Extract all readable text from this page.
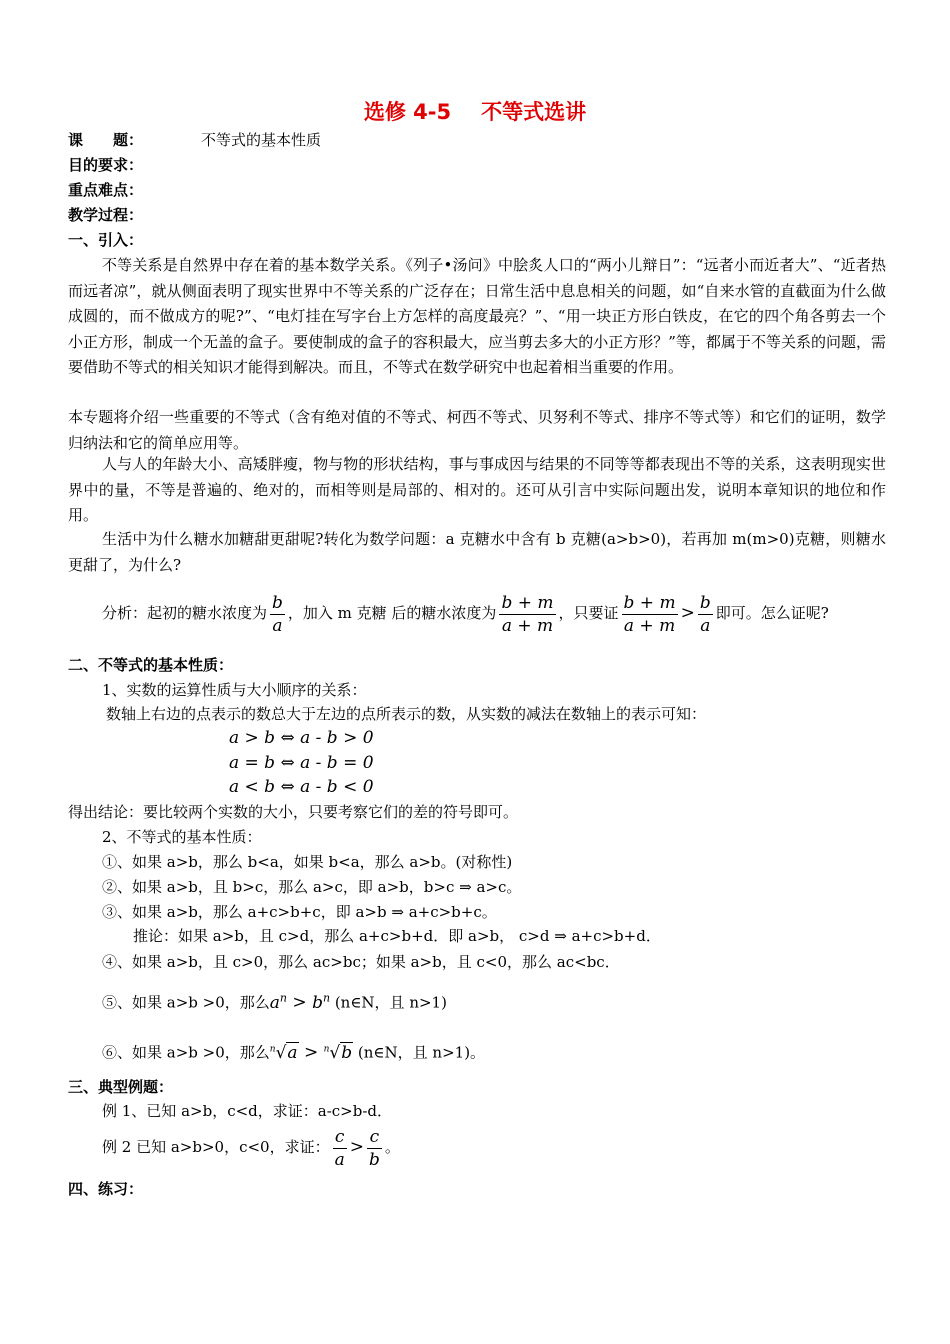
选修 4-5 不等式选讲
课　　题：	不等式的基本性质
目的要求：
重点难点：
教学过程：
一、引入：
不等关系是自然界中存在着的基本数学关系。《列子•汤问》中脍炙人口的“两小儿辩日”：“远者小而近者大”、“近者热而远者凉”，就从侧面表明了现实世界中不等关系的广泛存在；日常生活中息息相关的问题，如“自来水管的直截面为什么做成圆的，而不做成方的呢?”、“电灯挂在写字台上方怎样的高度最亮？”、“用一块正方形白铁皮，在它的四个角各剪去一个小正方形，制成一个无盖的盒子。要使制成的盒子的容积最大，应当剪去多大的小正方形？”等，都属于不等关系的问题，需要借助不等式的相关知识才能得到解决。而且，不等式在数学研究中也起着相当重要的作用。
本专题将介绍一些重要的不等式（含有绝对值的不等式、柯西不等式、贝努利不等式、排序不等式等）和它们的证明，数学归纳法和它的简单应用等。
人与人的年龄大小、高矮胖瘦，物与物的形状结构，事与事成因与结果的不同等等都表现出不等的关系，这表明现实世界中的量，不等是普遍的、绝对的，而相等则是局部的、相对的。还可从引言中实际问题出发，说明本章知识的地位和作用。
生活中为什么糖水加糖甜更甜呢?转化为数学问题：a 克糖水中含有 b 克糖(a>b>0)，若再加 m(m>0)克糖，则糖水更甜了，为什么?
分析：起初的糖水浓度为 $\frac{b}{a}$ ，加入 m 克糖 后的糖水浓度为 $\frac{b + m}{a + m}$ ，只要证 $\frac{b + m}{a + m} > \frac{b}{a}$ 即可。怎么证呢?
二、不等式的基本性质：
1、实数的运算性质与大小顺序的关系：
数轴上右边的点表示的数总大于左边的点所表示的数，从实数的减法在数轴上的表示可知：
a > b ⇔ a - b > 0
a = b ⇔ a - b = 0
a < b ⇔ a - b < 0
得出结论：要比较两个实数的大小，只要考察它们的差的符号即可。
2、不等式的基本性质：
①、如果 a>b，那么 b<a，如果 b<a，那么 a>b。(对称性)
②、如果 a>b，且 b>c，那么 a>c，即 a>b，b>c ⇒ a>c。
③、如果 a>b，那么 a+c>b+c，即 a>b ⇒ a+c>b+c。
推论：如果 a>b，且 c>d，那么 a+c>b+d．即 a>b， c>d ⇒ a+c>b+d．
④、如果 a>b，且 c>0，那么 ac>bc；如果 a>b，且 c<0，那么 ac<bc．
⑤、如果 a>b >0，那么$a^n > b^n$ (n∈N，且 n>1)
⑥、如果 a>b >0，那么$^n$√a > $^n$√b (n∈N，且 n>1)。
三、典型例题：
例 1、已知 a>b，c<d，求证：a-c>b-d．
例 2 已知 a>b>0，c<0，求证： $\frac{c}{a} > \frac{c}{b}$ 。
四、练习：
